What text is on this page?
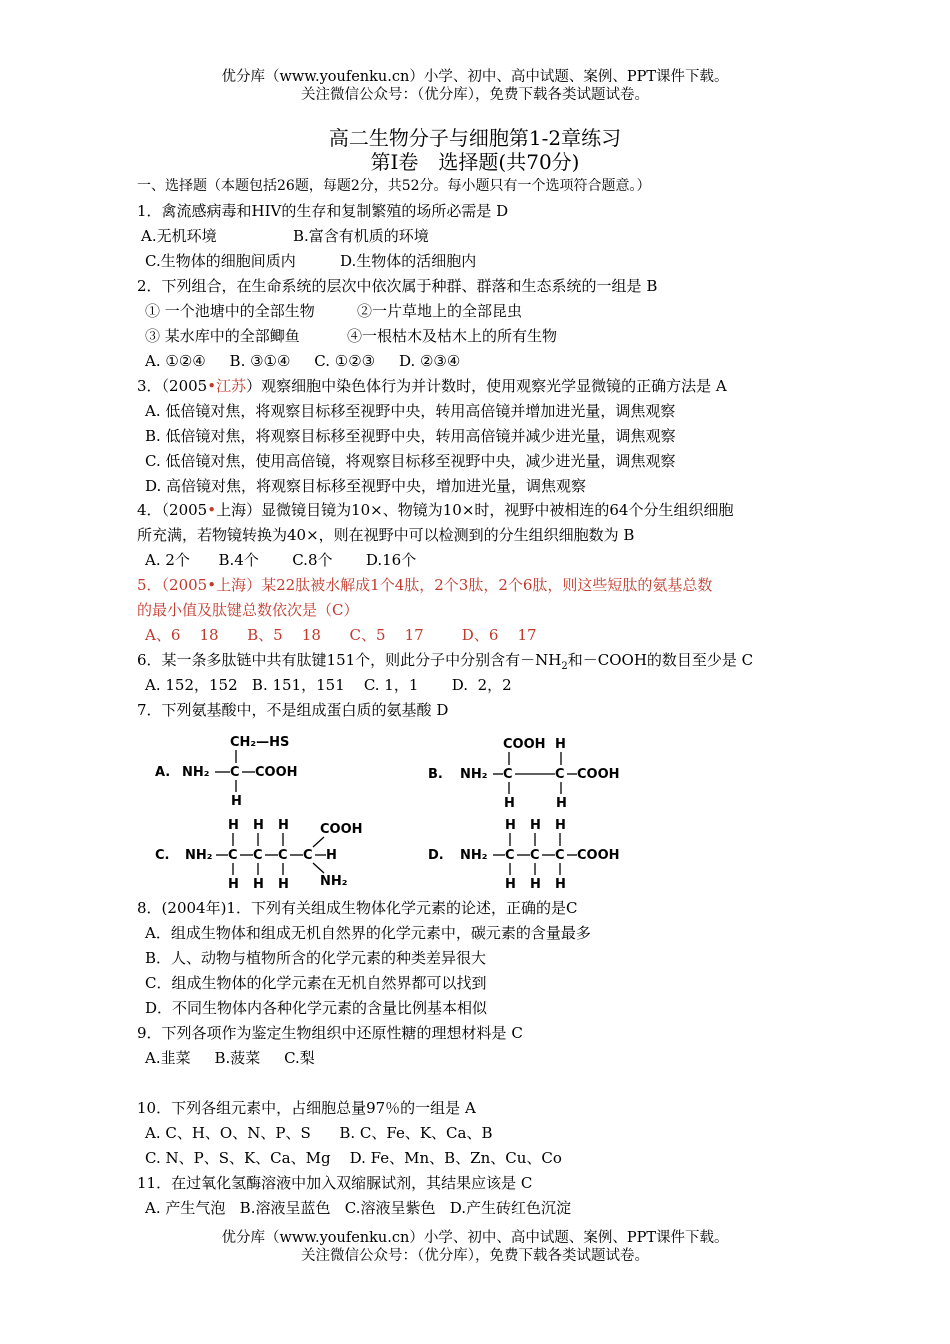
优分库（www.youfenku.cn）小学、初中、高中试题、案例、PPT课件下载。
关注微信公众号：（优分库），免费下载各类试题试卷。
高二生物分子与细胞第1-2章练习
第Ⅰ卷　选择题(共70分)
一、选择题（本题包括26题，每题2分，共52分。每小题只有一个选项符合题意。）
1．禽流感病毒和HIV的生存和复制繁殖的场所必需是 D
A.无机环境	B.富含有机质的环境
C.生物体的细胞间质内	D.生物体的活细胞内
2．下列组合，在生命系统的层次中依次属于种群、群落和生态系统的一组是 B
① 一个池塘中的全部生物	②一片草地上的全部昆虫
③ 某水库中的全部鲫鱼	④一根枯木及枯木上的所有生物
A. ①②④     B. ③①④     C. ①②③     D. ②③④
3．（2005•江苏）观察细胞中染色体行为并计数时，使用观察光学显微镜的正确方法是 A
A. 低倍镜对焦，将观察目标移至视野中央，转用高倍镜并增加进光量，调焦观察
B. 低倍镜对焦，将观察目标移至视野中央，转用高倍镜并减少进光量，调焦观察
C. 低倍镜对焦，使用高倍镜，将观察目标移至视野中央，减少进光量，调焦观察
D. 高倍镜对焦，将观察目标移至视野中央，增加进光量，调焦观察
4．（2005•上海）显微镜目镜为10×、物镜为10×时，视野中被相连的64个分生组织细胞
所充满，若物镜转换为40×，则在视野中可以检测到的分生组织细胞数为 B
A. 2个      B.4个       C.8个       D.16个
5．（2005•上海）某22肽被水解成1个4肽，2个3肽，2个6肽，则这些短肽的氨基总数
的最小值及肽键总数依次是（C）
A、6    18      B、5    18      C、5    17        D、6    17
6．某一条多肽链中共有肽键151个，则此分子中分别含有$-NH_2$和－COOH的数目至少是 C
A. 152，152   B. 151，151    C. 1，1       D.  2，2
7．下列氨基酸中，不是组成蛋白质的氨基酸 D
A. NH₂ C COOH
CH₂—HS
H
B. NH₂ C	C COOH
COOH H
H	H
C. NH₂ C C C C H
COOH
NH₂
H H H
H H H
D. NH₂ C C C COOH
H H H
H H H
8．(2004年)1．下列有关组成生物体化学元素的论述，正确的是C
A．组成生物体和组成无机自然界的化学元素中，碳元素的含量最多
B．人、动物与植物所含的化学元素的种类差异很大
C．组成生物体的化学元素在无机自然界都可以找到
D．不同生物体内各种化学元素的含量比例基本相似
9．下列各项作为鉴定生物组织中还原性糖的理想材料是 C
A.韭菜     B.菠菜     C.梨
10．下列各组元素中，占细胞总量97％的一组是 A
A. C、H、O、N、P、S      B. C、Fe、K、Ca、B
C. N、P、S、K、Ca、Mg    D. Fe、Mn、B、Zn、Cu、Co
11．在过氧化氢酶溶液中加入双缩脲试剂，其结果应该是 C
A. 产生气泡   B.溶液呈蓝色   C.溶液呈紫色   D.产生砖红色沉淀
优分库（www.youfenku.cn）小学、初中、高中试题、案例、PPT课件下载。
关注微信公众号：（优分库），免费下载各类试题试卷。
